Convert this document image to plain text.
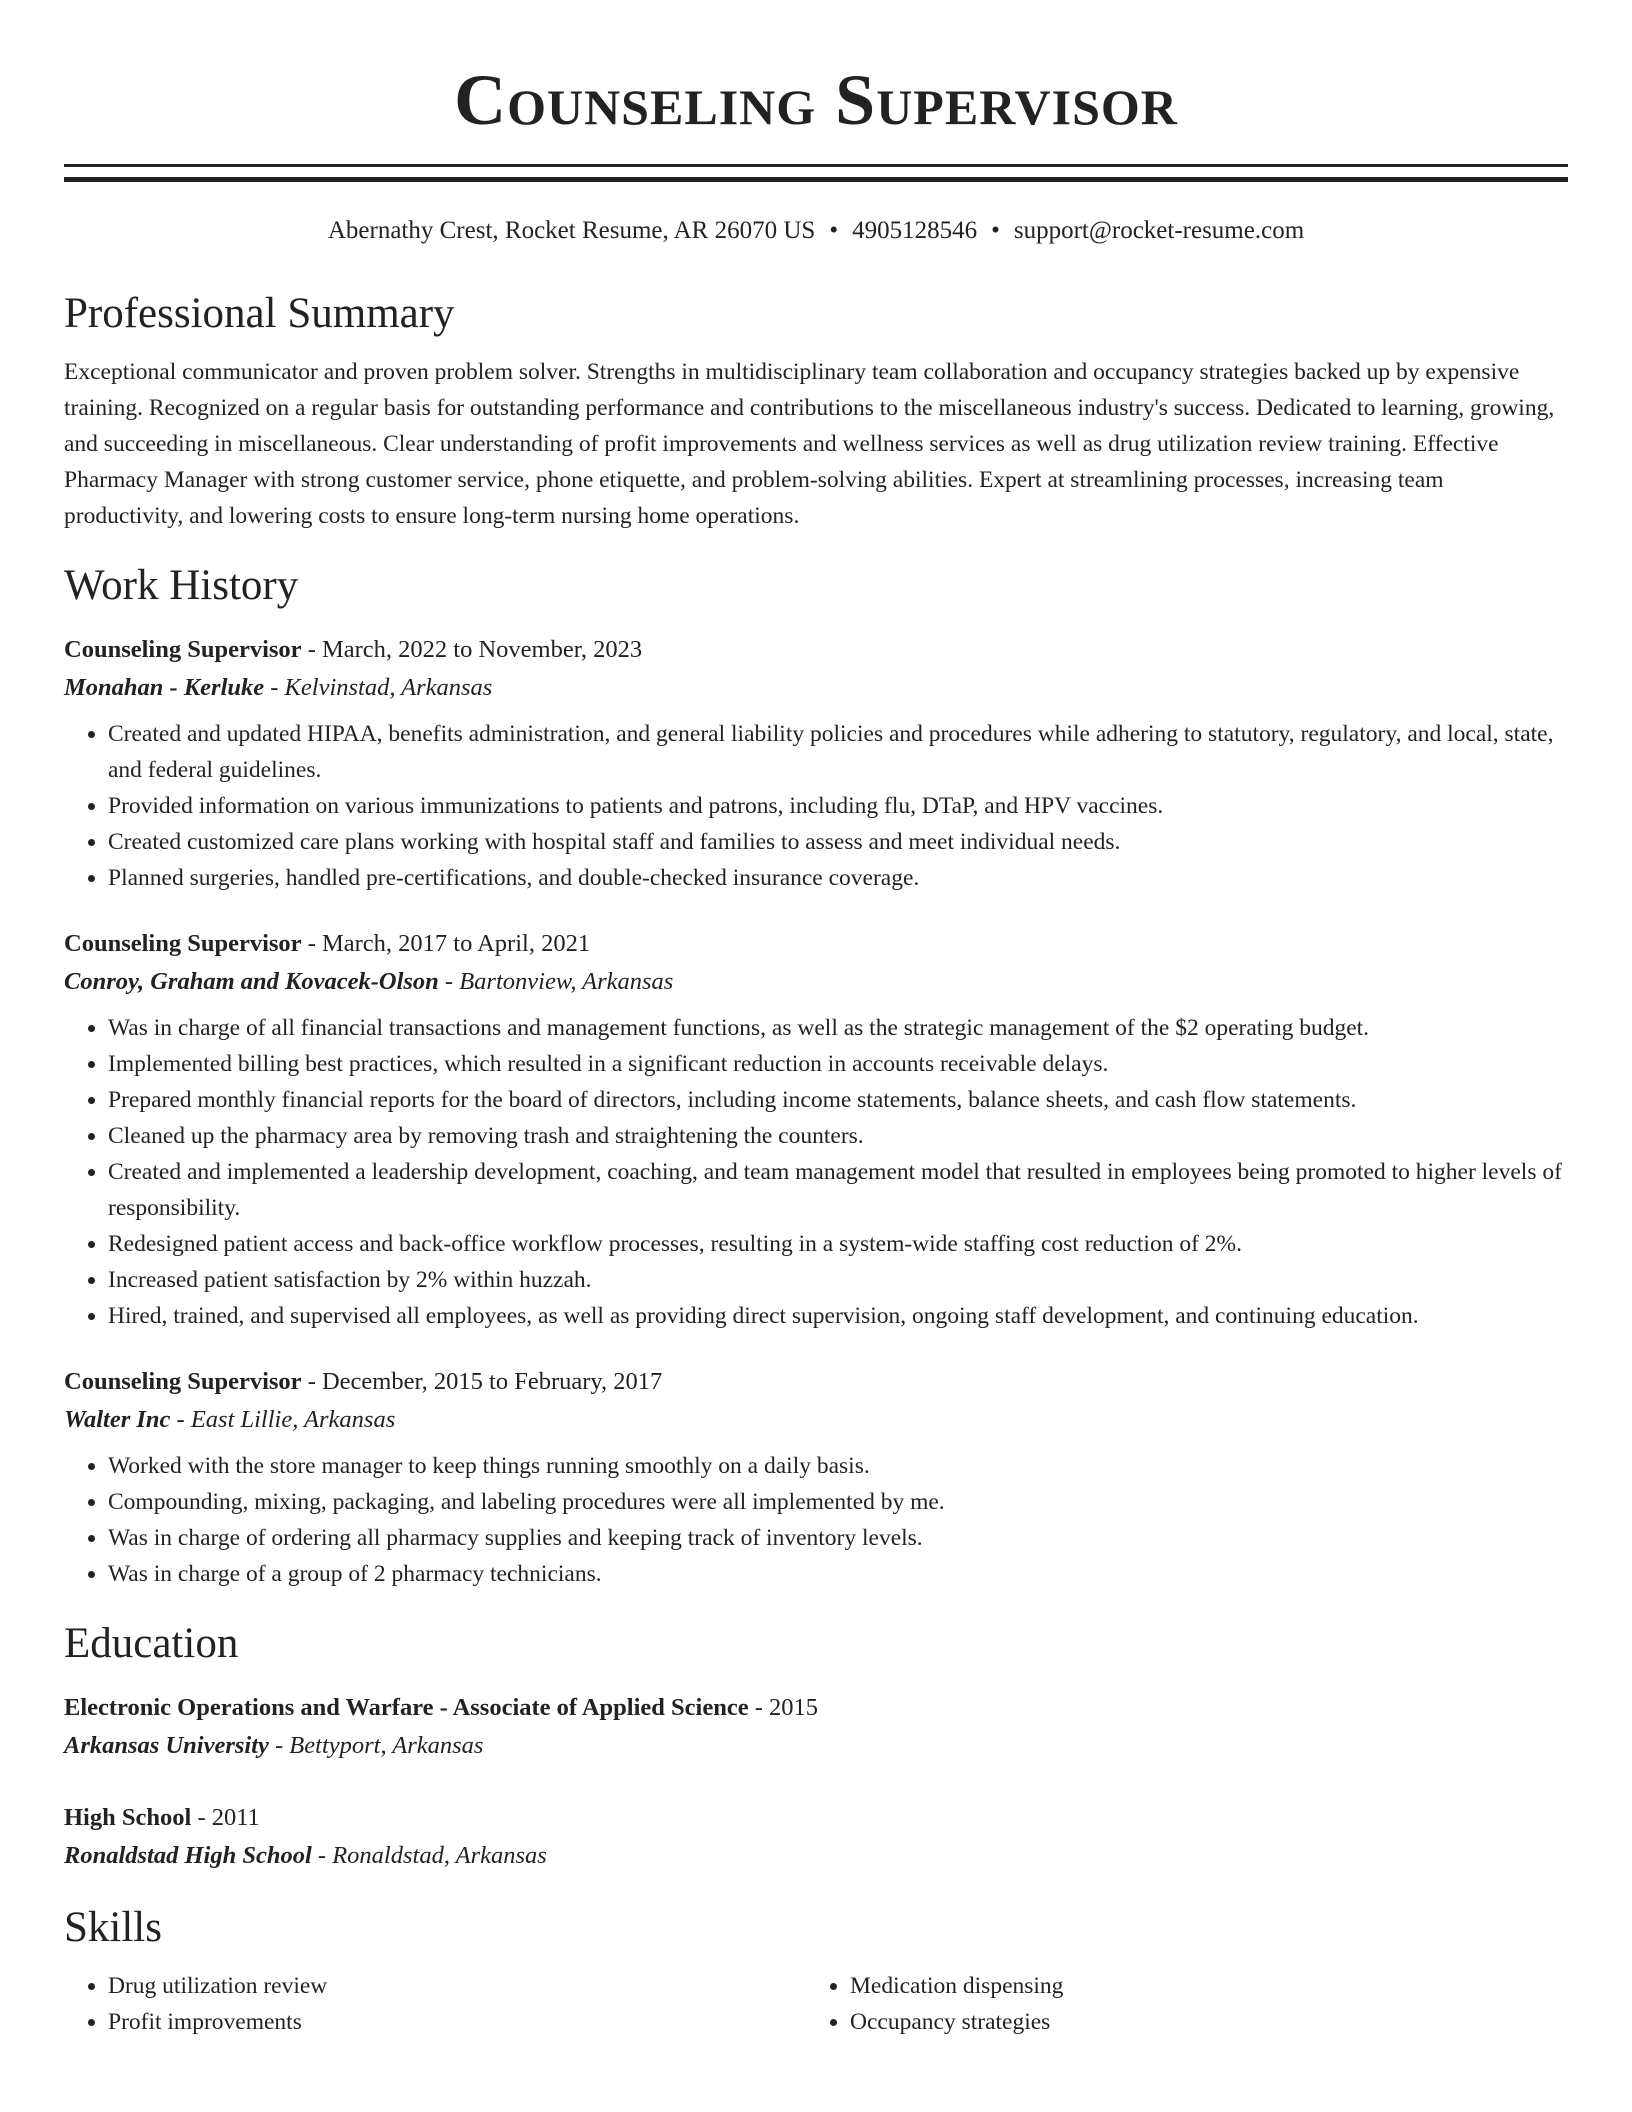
Counseling Supervisor
Abernathy Crest, Rocket Resume, AR 26070 US • 4905128546 • support@rocket-resume.com
Professional Summary

Exceptional communicator and proven problem solver. Strengths in multidisciplinary team collaboration and occupancy strategies backed up by expensive training. Recognized on a regular basis for outstanding performance and contributions to the miscellaneous industry's success. Dedicated to learning, growing, and succeeding in miscellaneous. Clear understanding of profit improvements and wellness services as well as drug utilization review training. Effective Pharmacy Manager with strong customer service, phone etiquette, and problem-solving abilities. Expert at streamlining processes, increasing team productivity, and lowering costs to ensure long-term nursing home operations.

Work History
Counseling Supervisor - March, 2022 to November, 2023
Monahan - Kerluke - Kelvinstad, Arkansas
• Created and updated HIPAA, benefits administration, and general liability policies and procedures while adhering to statutory, regulatory, and local, state, and federal guidelines.
• Provided information on various immunizations to patients and patrons, including flu, DTaP, and HPV vaccines.
• Created customized care plans working with hospital staff and families to assess and meet individual needs.
• Planned surgeries, handled pre-certifications, and double-checked insurance coverage.
Counseling Supervisor - March, 2017 to April, 2021
Conroy, Graham and Kovacek-Olson - Bartonview, Arkansas
• Was in charge of all financial transactions and management functions, as well as the strategic management of the $2 operating budget.
• Implemented billing best practices, which resulted in a significant reduction in accounts receivable delays.
• Prepared monthly financial reports for the board of directors, including income statements, balance sheets, and cash flow statements.
• Cleaned up the pharmacy area by removing trash and straightening the counters.
• Created and implemented a leadership development, coaching, and team management model that resulted in employees being promoted to higher levels of responsibility.
• Redesigned patient access and back-office workflow processes, resulting in a system-wide staffing cost reduction of 2%.
• Increased patient satisfaction by 2% within huzzah.
• Hired, trained, and supervised all employees, as well as providing direct supervision, ongoing staff development, and continuing education.
Counseling Supervisor - December, 2015 to February, 2017
Walter Inc - East Lillie, Arkansas
• Worked with the store manager to keep things running smoothly on a daily basis.
• Compounding, mixing, packaging, and labeling procedures were all implemented by me.
• Was in charge of ordering all pharmacy supplies and keeping track of inventory levels.
• Was in charge of a group of 2 pharmacy technicians.
Education
Electronic Operations and Warfare - Associate of Applied Science - 2015
Arkansas University - Bettyport, Arkansas
High School - 2011
Ronaldstad High School - Ronaldstad, Arkansas
Skills
• Drug utilization review
• Profit improvements
• Medication dispensing
• Occupancy strategies
